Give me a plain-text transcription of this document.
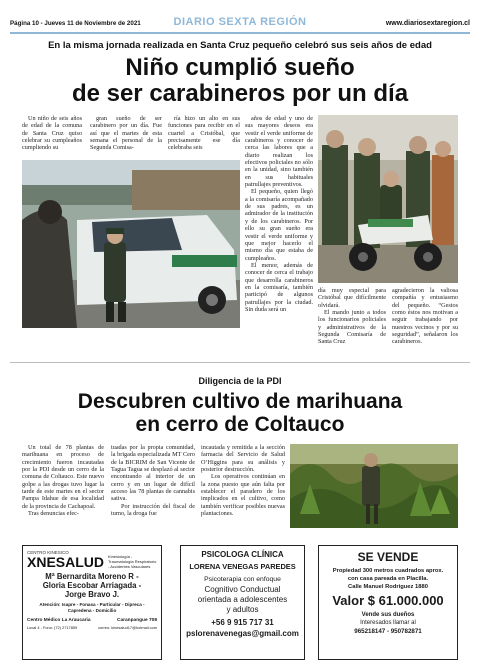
Página 10 - Jueves 11 de Noviembre de 2021	DIARIO SEXTA REGIÓN	www.diariosextaregion.cl
En la misma jornada realizada en Santa Cruz pequeño celebró sus seis años de edad
Niño cumplió sueño
de ser carabineros por un día
Un niño de seis años de edad de la comuna de Santa Cruz quiso celebrar su cumpleaños cumpliendo su
gran sueño de ser carabinero por un día. Fue así que el martes de esta semana el personal de la Segunda Comisa-
ría hizo un alto en sus funciones para recibir en el cuartel a Cristóbal, que precisamente ese día celebraba seis
años de edad y uno de sus mayores deseos era vestir el verde uniforme de carabineros y conocer de cerca las labores que a diario realizan los efectivos policiales no sólo en la unidad, sino también en sus habituales patrullajes preventivos.
El pequeño, quien llegó a la comisaría acompañado de sus padres, es un admirador de la institución y de los carabineros. Por ello su gran sueño era vestir el verde uniforme y que mejor hacerlo el mismo día que estaba de cumpleaños.
El menor, además de conocer de cerca el trabajo que desarrolla carabineros en la comisaría, también participó de algunos patrullajes por la ciudad. Sin duda será un
día muy especial para Cristóbal que difícilmente olvidará.
El mando junto a todos los funcionarios policiales y administrativos de la Segunda Comisaría de Santa Cruz
agradecieron la valiosa compañía y entusiasmo del pequeño. “Gestos como éstos nos motivan a seguir trabajando por nuestros vecinos y por su seguridad”, señalaron los carabineros.
Diligencia de la PDI
Descubren cultivo de marihuana
en cerro de Coltauco
Un total de 78 plantas de marihuana en proceso de crecimiento fueron incautadas por la PDI desde un cerro de la comuna de Coltauco. Este nuevo golpe a las drogas tuvo lugar la tarde de este martes en el sector Pampa Idahue de esa localidad de la provincia de Cachapoal.
Tras denuncias efec-
tuadas por la propia comunidad, la brigada especializada MT Cero de la BICRIM de San Vicente de Tagua Tagua se desplazó al sector encontrando al interior de un cerro y en un lugar de difícil acceso las 78 plantas de cannabis sativa.
Por instrucción del fiscal de turno, la droga fue
incautada y remitida a la sección farmacia del Servicio de Salud O’Higgins para su análisis y posterior destrucción.
Los operativos continúan en la zona puesto que aún falta por establecer el paradero de los implicados en el cultivo, como también verificar posibles nuevas plantaciones.
CENTRO KINESICO
XNESALUD Kinesiología - Traumatología Respiratorio - Accidentes Vasculares
Mª Bernardita Moreno R -
Gloria Escobar Arriagada -
Jorge Bravo J.
Atención: Isapre - Fonasa - Particular - Dipreca - Capredena - Domicilio
Centro Médico La Araucaria	Caranpangue 708
Local 4 - Fono: (72) 2717859	correo: kinesalud17@hotmail.com
PSICOLOGA CLÍNICA
LORENA VENEGAS PAREDES
Psicoterapia con enfoque
Cognitivo Conductual
orientada a adolescentes
y adultos
+56 9 915 717 31
pslorenavenegas@gmail.com
SE VENDE
Propiedad 300 metros cuadrados aprox.
con casa pareada en Placilla.
Calle Manuel Rodriguez 1880
Valor $ 61.000.000
Vende sus dueños
Interesados llamar al
965218147 - 950782871
